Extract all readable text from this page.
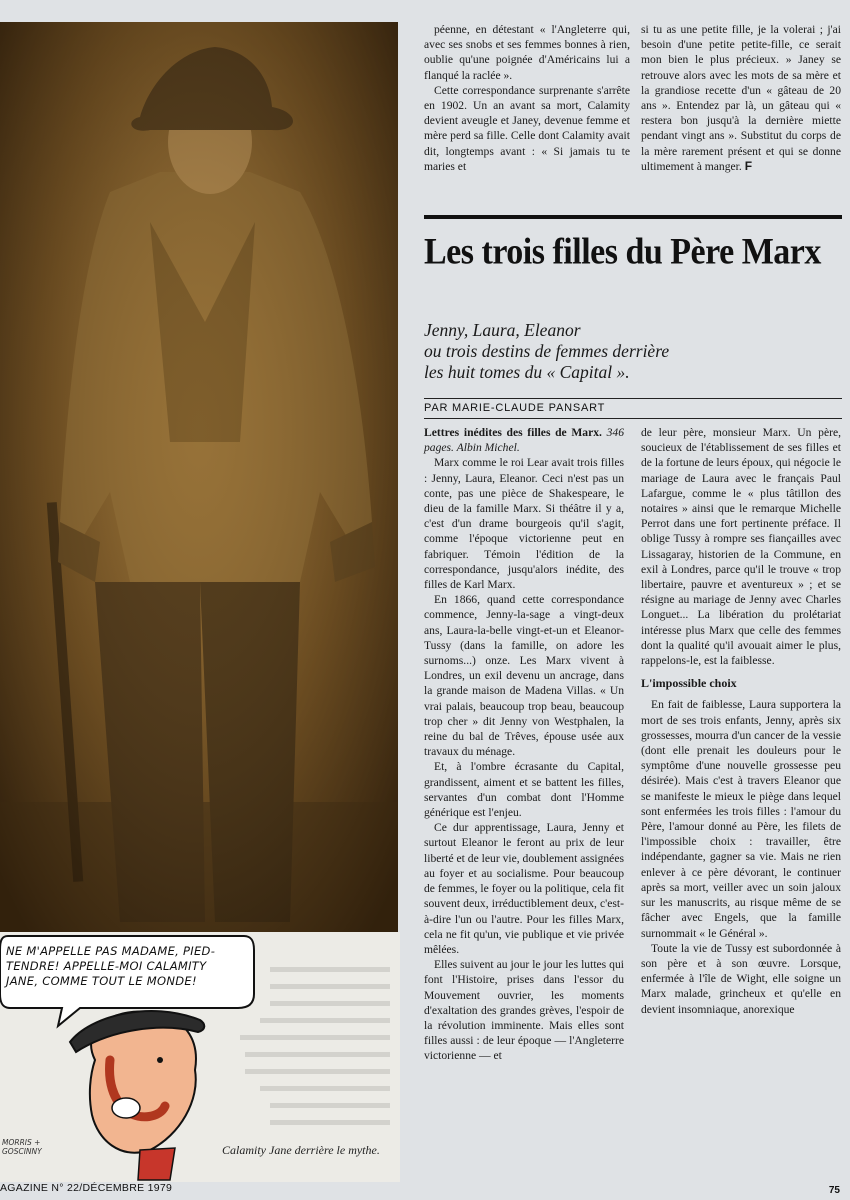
NE M'APPELLE PAS MADAME, PIED-TENDRE! APPELLE-MOI CALAMITY JANE, COMME TOUT LE MONDE!
MORRIS + GOSCINNY	Calamity Jane derrière le mythe.
AGAZINE N° 22/DÉCEMBRE 1979	75

péenne, en détestant « l'Angleterre qui, avec ses snobs et ses femmes bonnes à rien, oublie qu'une poignée d'Américains lui a flanqué la raclée ».

Cette correspondance surprenante s'arrête en 1902. Un an avant sa mort, Calamity devient aveugle et Janey, devenue femme et mère perd sa fille. Celle dont Calamity avait dit, longtemps avant : « Si jamais tu te maries et

si tu as une petite fille, je la volerai ; j'ai besoin d'une petite petite-fille, ce serait mon bien le plus précieux. » Janey se retrouve alors avec les mots de sa mère et la grandiose recette d'un « gâteau de 20 ans ». Entendez par là, un gâteau qui « restera bon jusqu'à la dernière miette pendant vingt ans ». Substitut du corps de la mère rarement présent et qui se donne ultimement à manger. F

Les trois filles du Père Marx
Jenny, Laura, Eleanor
ou trois destins de femmes derrière
les huit tomes du « Capital ».
PAR MARIE-CLAUDE PANSART

Lettres inédites des filles de Marx. 346 pages. Albin Michel.

Marx comme le roi Lear avait trois filles : Jenny, Laura, Eleanor. Ceci n'est pas un conte, pas une pièce de Shakespeare, le dieu de la famille Marx. Si théâtre il y a, c'est d'un drame bourgeois qu'il s'agit, comme l'époque victorienne peut en fabriquer. Témoin l'édition de la correspondance, jusqu'alors inédite, des filles de Karl Marx.

En 1866, quand cette correspondance commence, Jenny-la-sage a vingt-deux ans, Laura-la-belle vingt-et-un et Eleanor-Tussy (dans la famille, on adore les surnoms...) onze. Les Marx vivent à Londres, un exil devenu un ancrage, dans la grande maison de Madena Villas. « Un vrai palais, beaucoup trop beau, beaucoup trop cher » dit Jenny von Westphalen, la reine du bal de Trêves, épouse usée aux travaux du ménage.

Et, à l'ombre écrasante du Capital, grandissent, aiment et se battent les filles, servantes d'un combat dont l'Homme générique est l'enjeu.

Ce dur apprentissage, Laura, Jenny et surtout Eleanor le feront au prix de leur liberté et de leur vie, doublement assignées au foyer et au socialisme. Pour beaucoup de femmes, le foyer ou la politique, cela fit souvent deux, irréductiblement deux, c'est-à-dire l'un ou l'autre. Pour les filles Marx, cela ne fit qu'un, vie publique et vie privée mêlées.

Elles suivent au jour le jour les luttes qui font l'Histoire, prises dans l'essor du Mouvement ouvrier, les moments d'exaltation des grandes grèves, l'espoir de la révolution imminente. Mais elles sont filles aussi : de leur époque — l'Angleterre victorienne — et

de leur père, monsieur Marx. Un père, soucieux de l'établissement de ses filles et de la fortune de leurs époux, qui négocie le mariage de Laura avec le français Paul Lafargue, comme le « plus tâtillon des notaires » ainsi que le remarque Michelle Perrot dans une fort pertinente préface. Il oblige Tussy à rompre ses fiançailles avec Lissagaray, historien de la Commune, en exil à Londres, parce qu'il le trouve « trop libertaire, pauvre et aventureux » ; et se résigne au mariage de Jenny avec Charles Longuet... La libération du prolétariat intéresse plus Marx que celle des femmes dont la qualité qu'il avouait aimer le plus, rappelons-le, est la faiblesse.

L'impossible choix

En fait de faiblesse, Laura supportera la mort de ses trois enfants, Jenny, après six grossesses, mourra d'un cancer de la vessie (dont elle prenait les douleurs pour le symptôme d'une nouvelle grossesse peu désirée). Mais c'est à travers Eleanor que se manifeste le mieux le piège dans lequel sont enfermées les trois filles : l'amour du Père, l'amour donné au Père, les filets de l'impossible choix : travailler, être indépendante, gagner sa vie. Mais ne rien enlever à ce père dévorant, le continuer après sa mort, veiller avec un soin jaloux sur les manuscrits, au risque même de se fâcher avec Engels, que la famille surnommait « le Général ».

Toute la vie de Tussy est subordonnée à son père et à son œuvre. Lorsque, enfermée à l'île de Wight, elle soigne un Marx malade, grincheux et qu'elle en devient insomniaque, anorexique
